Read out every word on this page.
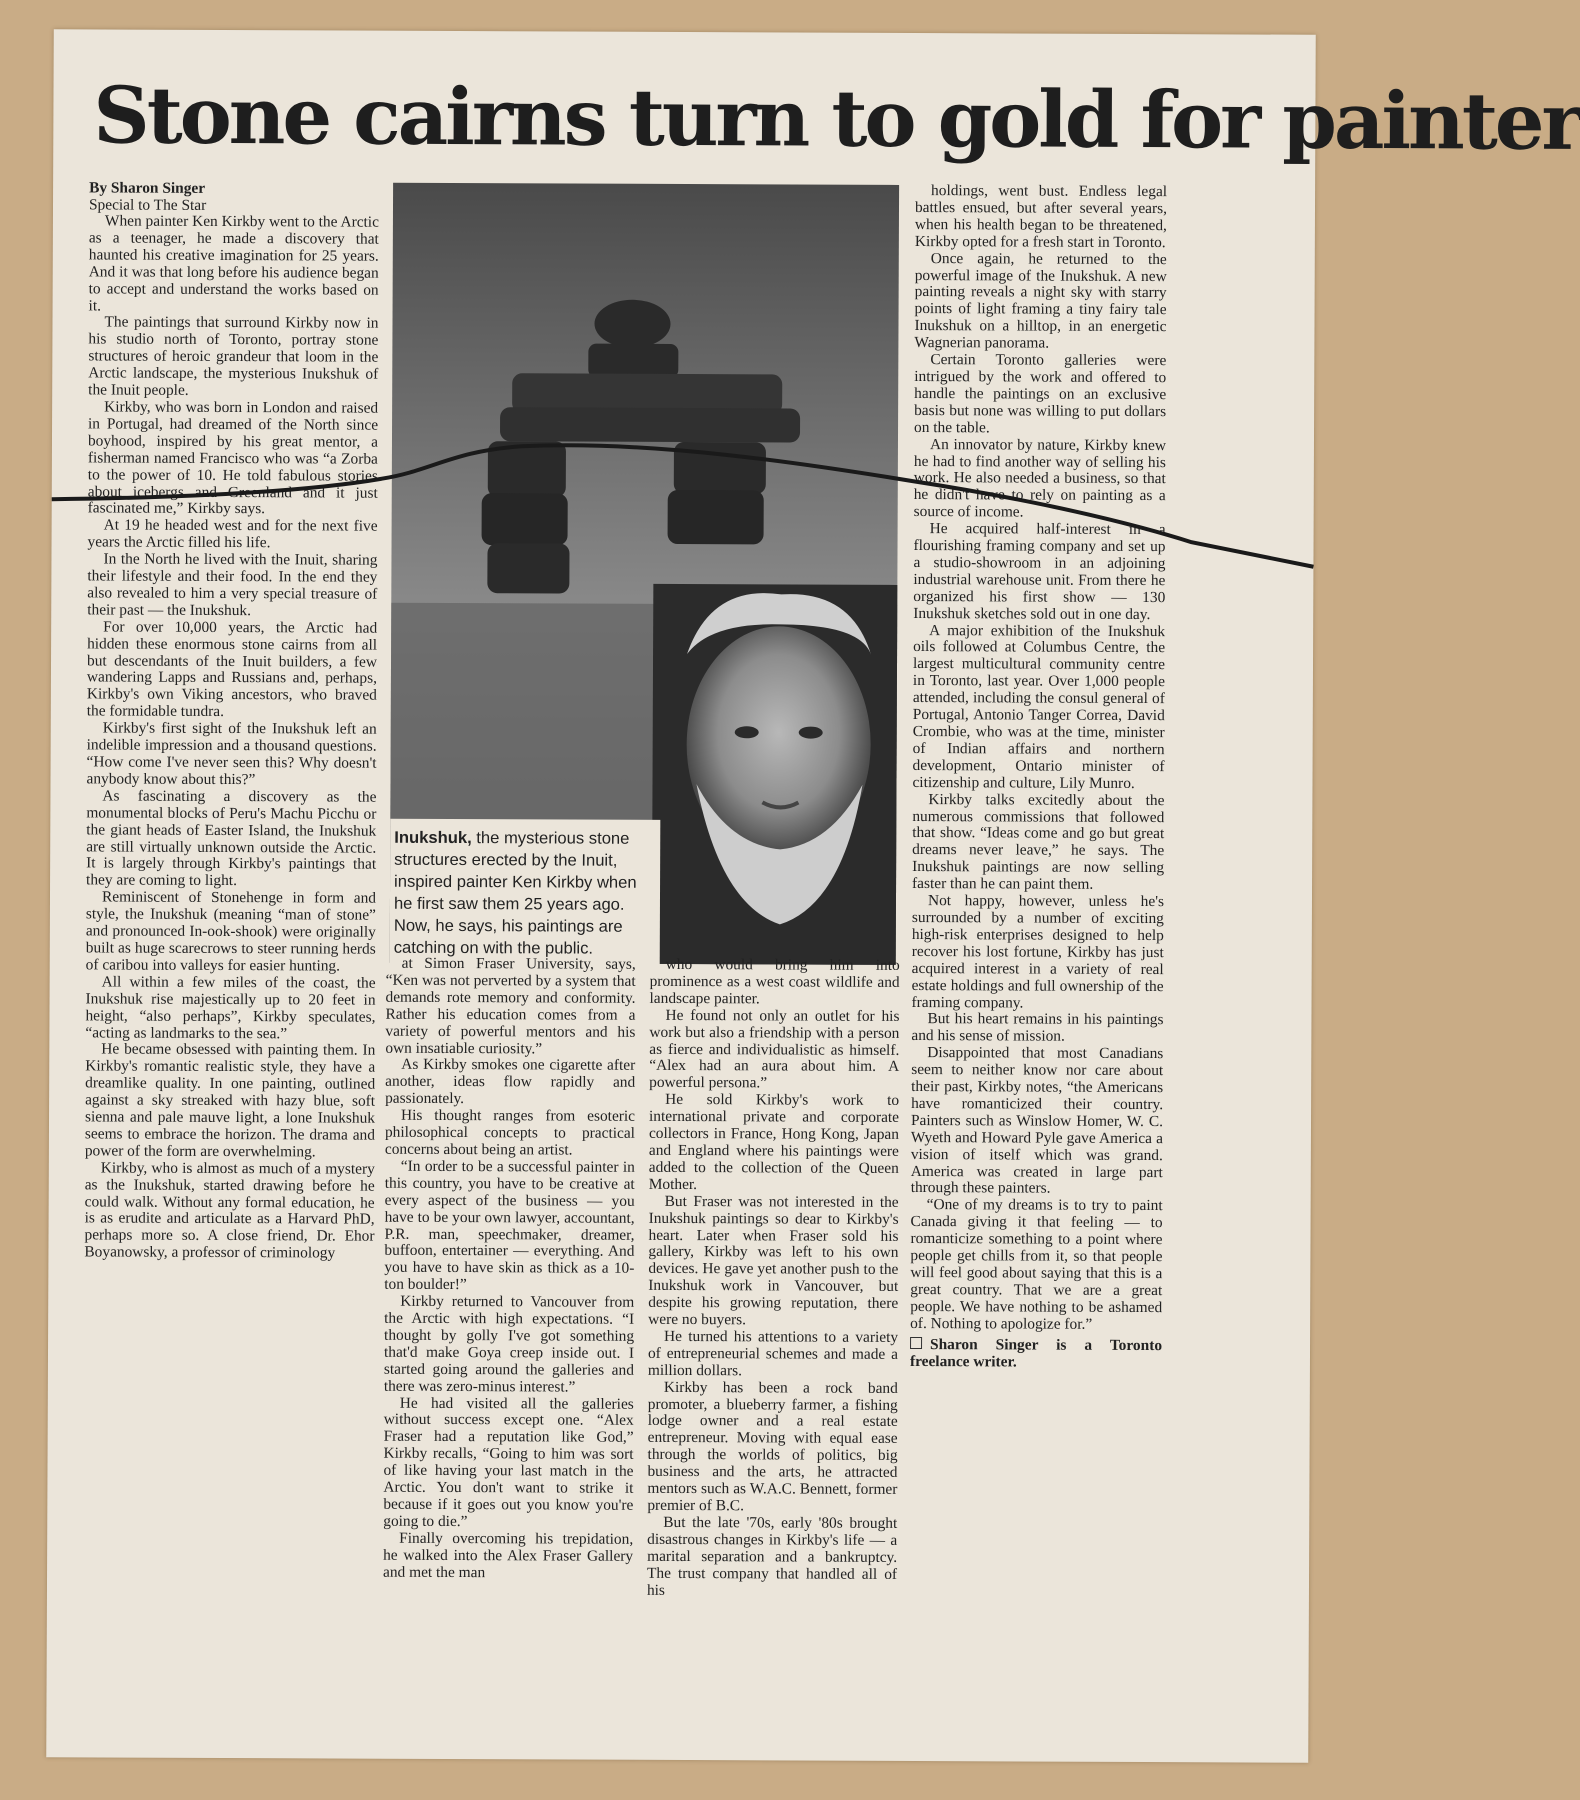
Stone cairns turn to gold for painter

By Sharon Singer

Special to The Star

When painter Ken Kirkby went to the Arctic as a teenager, he made a discovery that haunted his creative imagination for 25 years. And it was that long before his audience began to accept and understand the works based on it.

The paintings that surround Kirkby now in his studio north of Toronto, portray stone structures of heroic grandeur that loom in the Arctic landscape, the mysterious Inukshuk of the Inuit people.

Kirkby, who was born in London and raised in Portugal, had dreamed of the North since boyhood, inspired by his great mentor, a fisherman named Francisco who was “a Zorba to the power of 10. He told fabulous stories about icebergs and Greenland and it just fascinated me,” Kirkby says.

At 19 he headed west and for the next five years the Arctic filled his life.

In the North he lived with the Inuit, sharing their lifestyle and their food. In the end they also revealed to him a very special treasure of their past — the Inukshuk.

For over 10,000 years, the Arctic had hidden these enormous stone cairns from all but descendants of the Inuit builders, a few wandering Lapps and Russians and, perhaps, Kirkby's own Viking ancestors, who braved the formidable tundra.

Kirkby's first sight of the Inukshuk left an indelible impression and a thousand questions. “How come I've never seen this? Why doesn't anybody know about this?”

As fascinating a discovery as the monumental blocks of Peru's Machu Picchu or the giant heads of Easter Island, the Inukshuk are still virtually unknown outside the Arctic. It is largely through Kirkby's paintings that they are coming to light.

Reminiscent of Stonehenge in form and style, the Inukshuk (meaning “man of stone” and pronounced In-ook-shook) were originally built as huge scarecrows to steer running herds of caribou into valleys for easier hunting.

All within a few miles of the coast, the Inukshuk rise majestically up to 20 feet in height, “also perhaps”, Kirkby speculates, “acting as landmarks to the sea.”

He became obsessed with painting them. In Kirkby's romantic realistic style, they have a dreamlike quality. In one painting, outlined against a sky streaked with hazy blue, soft sienna and pale mauve light, a lone Inukshuk seems to embrace the horizon. The drama and power of the form are overwhelming.

Kirkby, who is almost as much of a mystery as the Inukshuk, started drawing before he could walk. Without any formal education, he is as erudite and articulate as a Harvard PhD, perhaps more so. A close friend, Dr. Ehor Boyanowsky, a professor of criminology

Inukshuk, the mysterious stone structures erected by the Inuit, inspired painter Ken Kirkby when he first saw them 25 years ago. Now, he says, his paintings are catching on with the public.

at Simon Fraser University, says, “Ken was not perverted by a system that demands rote memory and conformity. Rather his education comes from a variety of powerful mentors and his own insatiable curiosity.”

As Kirkby smokes one cigarette after another, ideas flow rapidly and passionately.

His thought ranges from esoteric philosophical concepts to practical concerns about being an artist.

“In order to be a successful painter in this country, you have to be creative at every aspect of the business — you have to be your own lawyer, accountant, P.R. man, speechmaker, dreamer, buffoon, entertainer — everything. And you have to have skin as thick as a 10-ton boulder!”

Kirkby returned to Vancouver from the Arctic with high expectations. “I thought by golly I've got something that'd make Goya creep inside out. I started going around the galleries and there was zero-minus interest.”

He had visited all the galleries without success except one. “Alex Fraser had a reputation like God,” Kirkby recalls, “Going to him was sort of like having your last match in the Arctic. You don't want to strike it because if it goes out you know you're going to die.”

Finally overcoming his trepidation, he walked into the Alex Fraser Gallery and met the man

who would bring him into prominence as a west coast wildlife and landscape painter.

He found not only an outlet for his work but also a friendship with a person as fierce and individualistic as himself. “Alex had an aura about him. A powerful persona.”

He sold Kirkby's work to international private and corporate collectors in France, Hong Kong, Japan and England where his paintings were added to the collection of the Queen Mother.

But Fraser was not interested in the Inukshuk paintings so dear to Kirkby's heart. Later when Fraser sold his gallery, Kirkby was left to his own devices. He gave yet another push to the Inukshuk work in Vancouver, but despite his growing reputation, there were no buyers.

He turned his attentions to a variety of entrepreneurial schemes and made a million dollars.

Kirkby has been a rock band promoter, a blueberry farmer, a fishing lodge owner and a real estate entrepreneur. Moving with equal ease through the worlds of politics, big business and the arts, he attracted mentors such as W.A.C. Bennett, former premier of B.C.

But the late '70s, early '80s brought disastrous changes in Kirkby's life — a marital separation and a bankruptcy. The trust company that handled all of his

holdings, went bust. Endless legal battles ensued, but after several years, when his health began to be threatened, Kirkby opted for a fresh start in Toronto.

Once again, he returned to the powerful image of the Inukshuk. A new painting reveals a night sky with starry points of light framing a tiny fairy tale Inukshuk on a hilltop, in an energetic Wagnerian panorama.

Certain Toronto galleries were intrigued by the work and offered to handle the paintings on an exclusive basis but none was willing to put dollars on the table.

An innovator by nature, Kirkby knew he had to find another way of selling his work. He also needed a business, so that he didn't have to rely on painting as a source of income.

He acquired half-interest in a flourishing framing company and set up a studio-showroom in an adjoining industrial warehouse unit. From there he organized his first show — 130 Inukshuk sketches sold out in one day.

A major exhibition of the Inukshuk oils followed at Columbus Centre, the largest multicultural community centre in Toronto, last year. Over 1,000 people attended, including the consul general of Portugal, Antonio Tanger Correa, David Crombie, who was at the time, minister of Indian affairs and northern development, Ontario minister of citizenship and culture, Lily Munro.

Kirkby talks excitedly about the numerous commissions that followed that show. “Ideas come and go but great dreams never leave,” he says. The Inukshuk paintings are now selling faster than he can paint them.

Not happy, however, unless he's surrounded by a number of exciting high-risk enterprises designed to help recover his lost fortune, Kirkby has just acquired interest in a variety of real estate holdings and full ownership of the framing company.

But his heart remains in his paintings and his sense of mission.

Disappointed that most Canadians seem to neither know nor care about their past, Kirkby notes, “the Americans have romanticized their country. Painters such as Winslow Homer, W. C. Wyeth and Howard Pyle gave America a vision of itself which was grand. America was created in large part through these painters.

“One of my dreams is to try to paint Canada giving it that feeling — to romanticize something to a point where people get chills from it, so that people will feel good about saying that this is a great country. That we are a great people. We have nothing to be ashamed of. Nothing to apologize for.”

Sharon Singer is a Toronto freelance writer.
